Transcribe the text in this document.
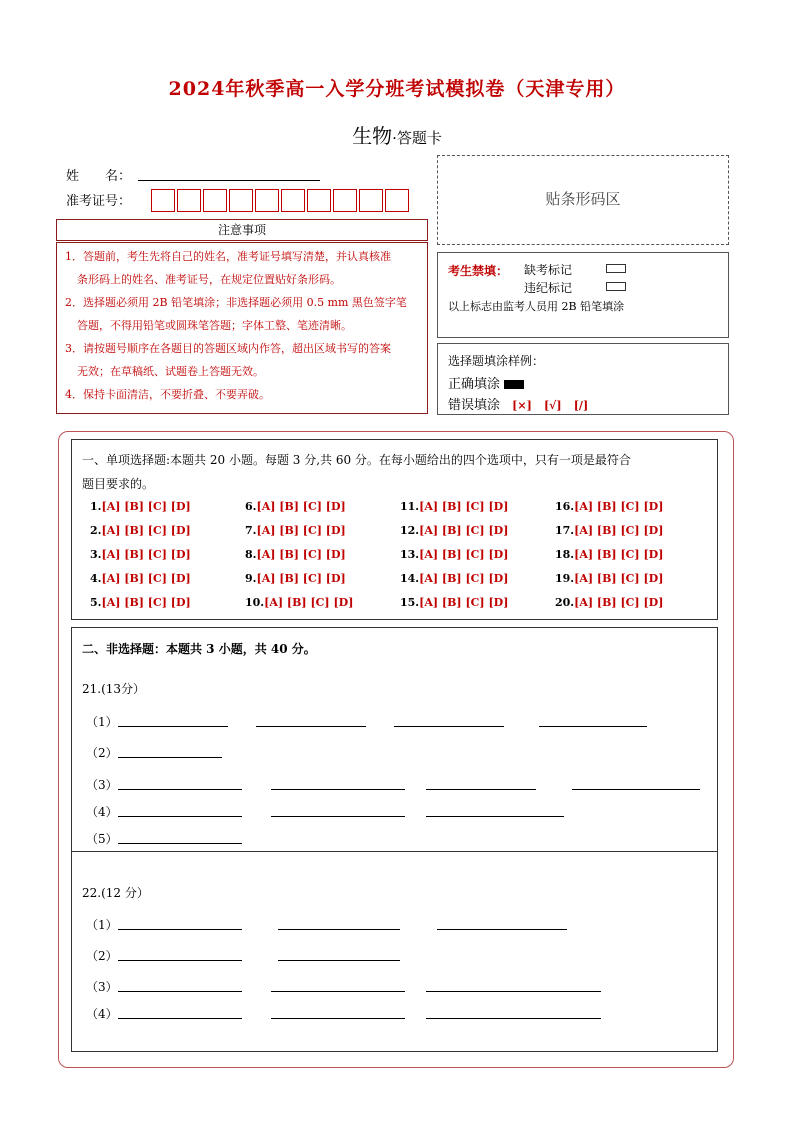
2024年秋季高一入学分班考试模拟卷（天津专用）
生物·答题卡
姓　　名：
准考证号：
注意事项

1．答题前，考生先将自己的姓名，准考证号填写清楚，并认真核准

条形码上的姓名、准考证号，在规定位置贴好条形码。

2．选择题必须用 2B 铅笔填涂；非选择题必须用 0.5 mm 黑色签字笔

答题，不得用铅笔或圆珠笔答题；字体工整、笔迹清晰。

3．请按题号顺序在各题目的答题区域内作答，超出区域书写的答案

无效；在草稿纸、试题卷上答题无效。

4．保持卡面清洁，不要折叠、不要弄破。

贴条形码区
考生禁填： 缺考标记
违纪标记
以上标志由监考人员用 2B 铅笔填涂
选择题填涂样例：
正确填涂
错误填涂 [×] [√] [/]
一、单项选择题:本题共 20 小题。每题 3 分,共 60 分。在每小题给出的四个选项中，只有一项是最符合
题目要求的。
1.[A] [B] [C] [D]	6.[A] [B] [C] [D]	11.[A] [B] [C] [D]	16.[A] [B] [C] [D]
2.[A] [B] [C] [D]	7.[A] [B] [C] [D]	12.[A] [B] [C] [D]	17.[A] [B] [C] [D]
3.[A] [B] [C] [D]	8.[A] [B] [C] [D]	13.[A] [B] [C] [D]	18.[A] [B] [C] [D]
4.[A] [B] [C] [D]	9.[A] [B] [C] [D]	14.[A] [B] [C] [D]	19.[A] [B] [C] [D]
5.[A] [B] [C] [D]	10.[A] [B] [C] [D]	15.[A] [B] [C] [D]	20.[A] [B] [C] [D]
二、非选择题：本题共 3 小题，共 40 分。
21.(13分）
（1）
（2）
（3）
（4）
（5）
22.(12 分）
（1）
（2）
（3）
（4）
